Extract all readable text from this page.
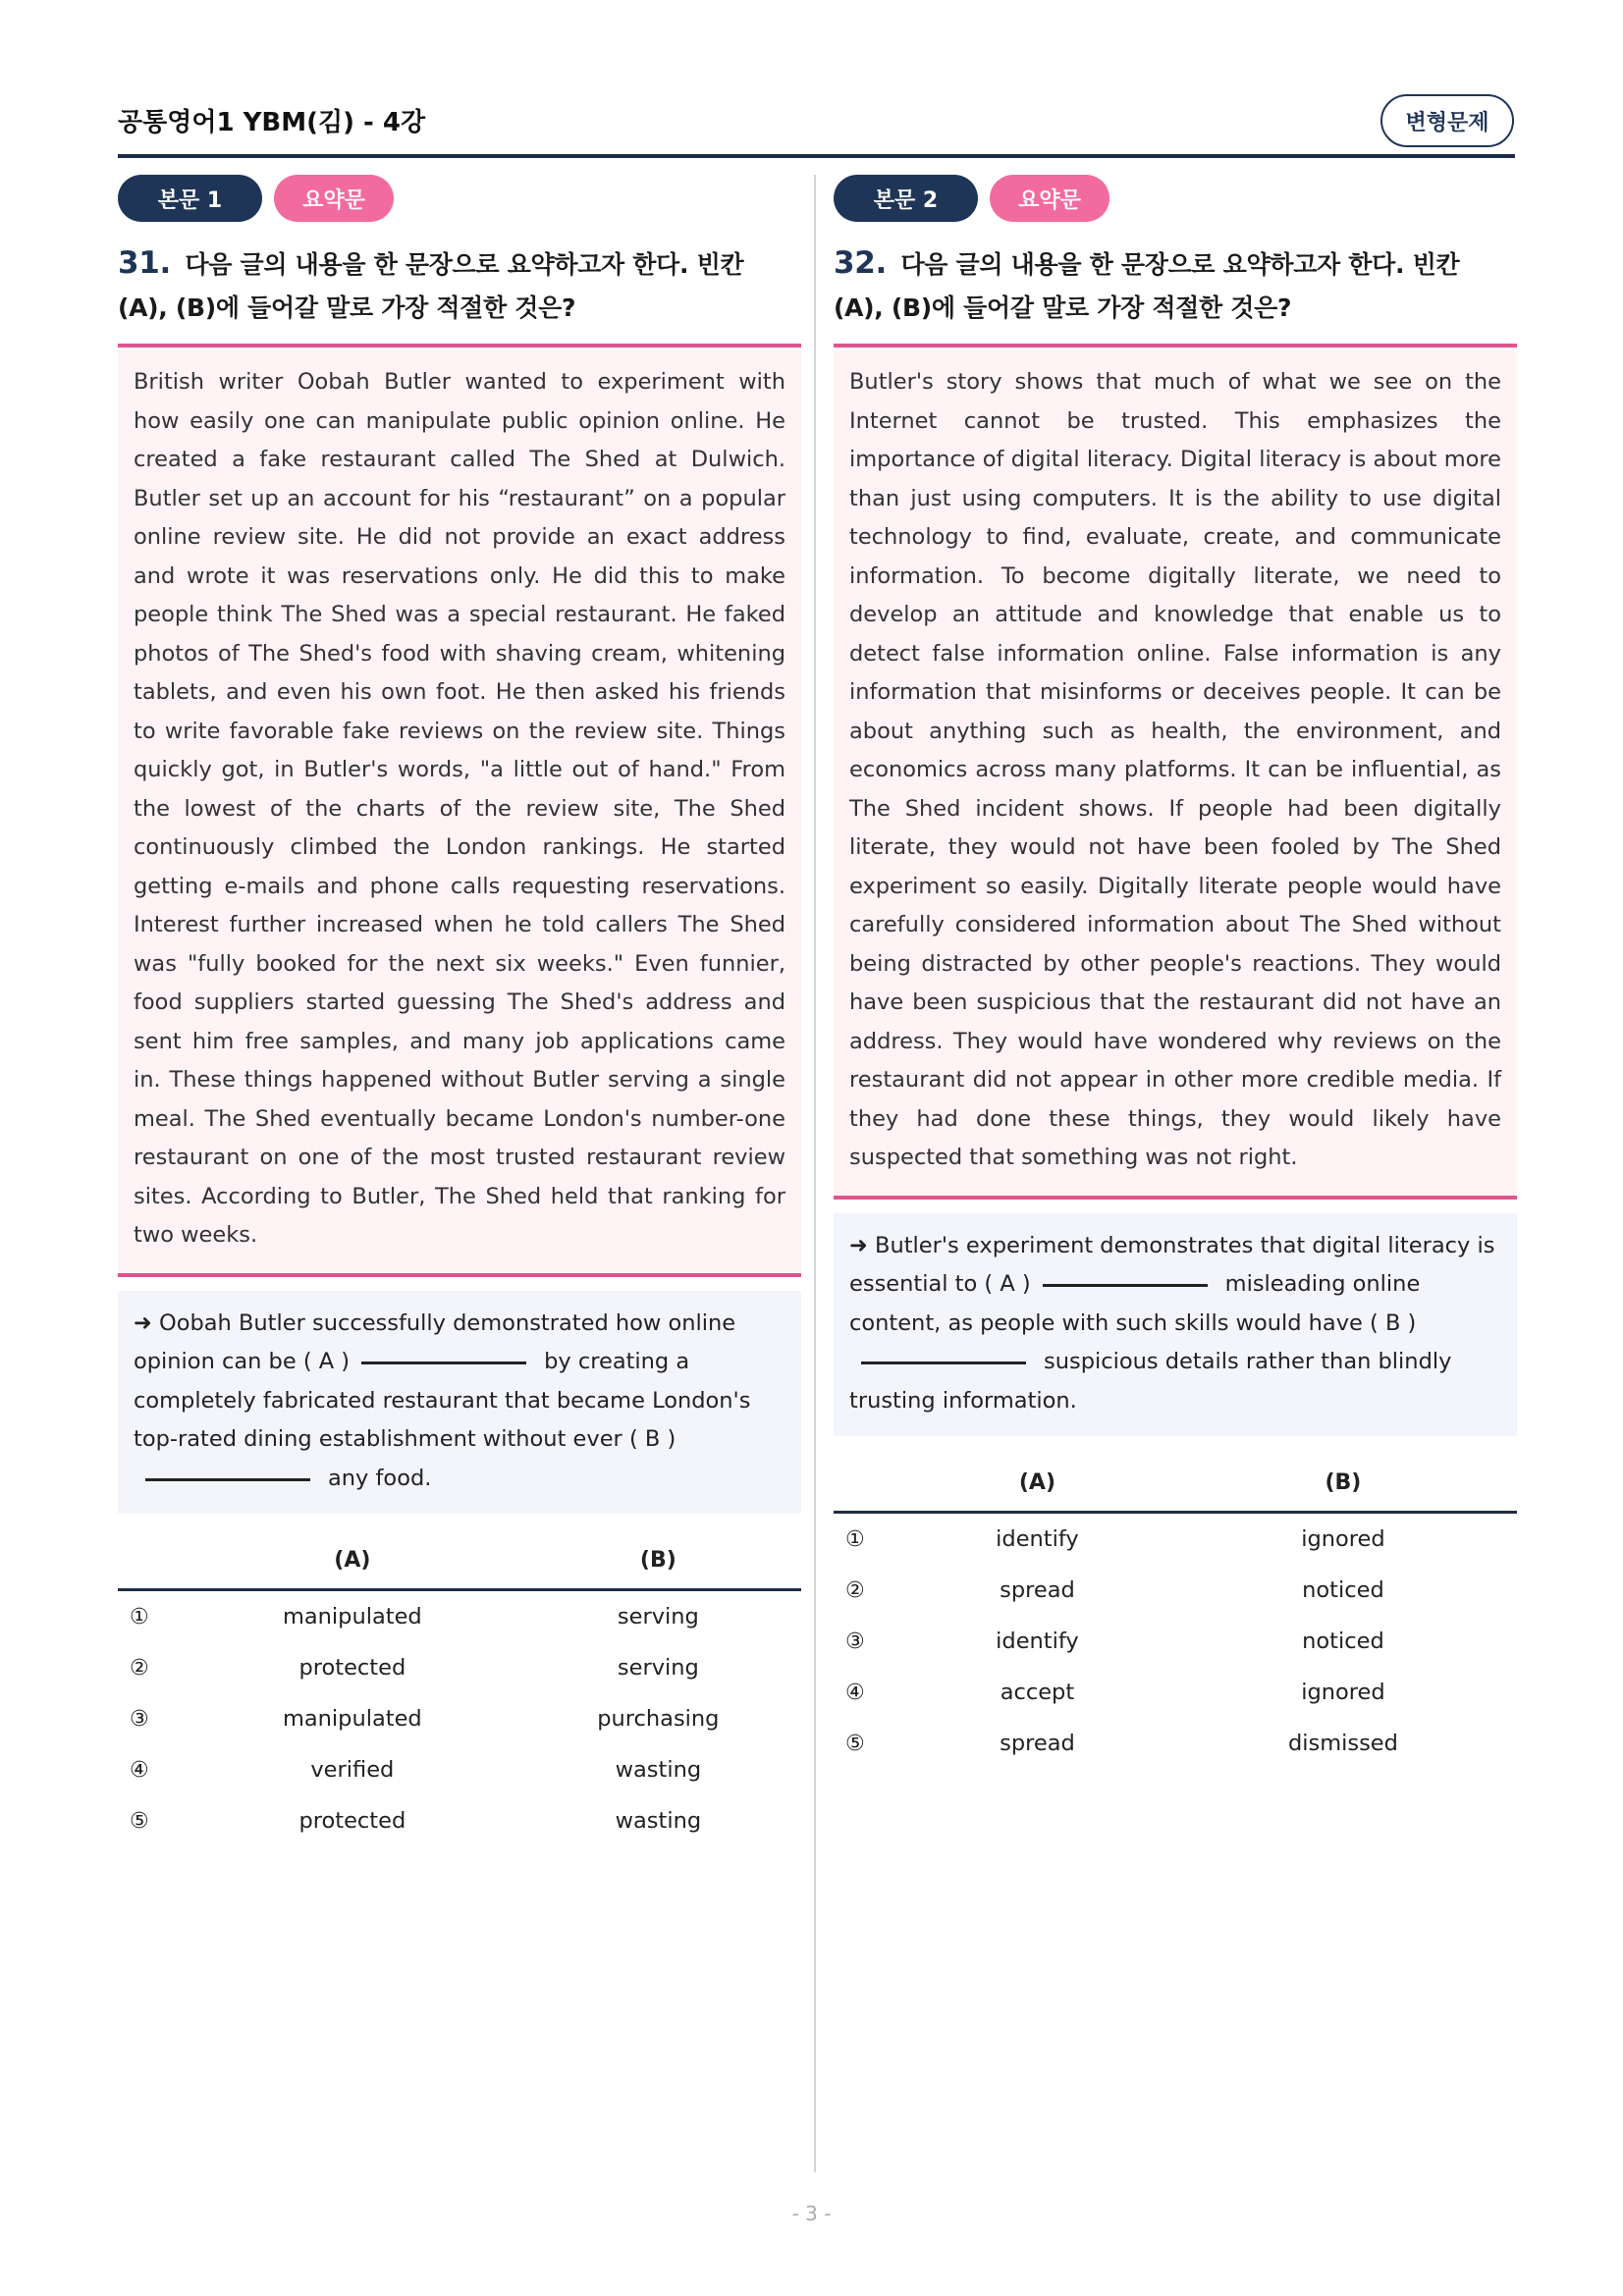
공통영어1 YBM(김) - 4강	변형문제
본문 1	요약문
31. 다음 글의 내용을 한 문장으로 요약하고자 한다. 빈칸 (A), (B)에 들어갈 말로 가장 적절한 것은?
British writer Oobah Butler wanted to experiment with how easily one can manipulate public opinion online. He created a fake restaurant called The Shed at Dulwich. Butler set up an account for his “restaurant” on a popular online review site. He did not provide an exact address and wrote it was reservations only. He did this to make people think The Shed was a special restaurant. He faked photos of The Shed's food with shaving cream, whitening tablets, and even his own foot. He then asked his friends to write favorable fake reviews on the review site. Things quickly got, in Butler's words, "a little out of hand." From the lowest of the charts of the review site, The Shed continuously climbed the London rankings. He started getting e-mails and phone calls requesting reservations. Interest further increased when he told callers The Shed was "fully booked for the next six weeks." Even funnier, food suppliers started guessing The Shed's address and sent him free samples, and many job applications came in. These things happened without Butler serving a single meal. The Shed eventually became London's number-one restaurant on one of the most trusted restaurant review sites. According to Butler, The Shed held that ranking for two weeks.
➜ Oobah Butler successfully demonstrated how online opinion can be ( A )	by creating a completely fabricated restaurant that became London's top-rated dining establishment without ever ( B )any food.
	(A)	(B)
①	manipulated	serving
②	protected	serving
③	manipulated	purchasing
④	verified	wasting
⑤	protected	wasting
본문 2	요약문
32. 다음 글의 내용을 한 문장으로 요약하고자 한다. 빈칸 (A), (B)에 들어갈 말로 가장 적절한 것은?
Butler's story shows that much of what we see on the Internet cannot be trusted. This emphasizes the importance of digital literacy. Digital literacy is about more than just using computers. It is the ability to use digital technology to find, evaluate, create, and communicate information. To become digitally literate, we need to develop an attitude and knowledge that enable us to detect false information online. False information is any information that misinforms or deceives people. It can be about anything such as health, the environment, and economics across many platforms. It can be influential, as The Shed incident shows. If people had been digitally literate, they would not have been fooled by The Shed experiment so easily. Digitally literate people would have carefully considered information about The Shed without being distracted by other people's reactions. They would have been suspicious that the restaurant did not have an address. They would have wondered why reviews on the restaurant did not appear in other more credible media. If they had done these things, they would likely have suspected that something was not right.
➜ Butler's experiment demonstrates that digital literacy is essential to ( A )	misleading online content, as people with such skills would have ( B )suspicious details rather than blindly trusting information.
	(A)	(B)
①	identify	ignored
②	spread	noticed
③	identify	noticed
④	accept	ignored
⑤	spread	dismissed
- 3 -
